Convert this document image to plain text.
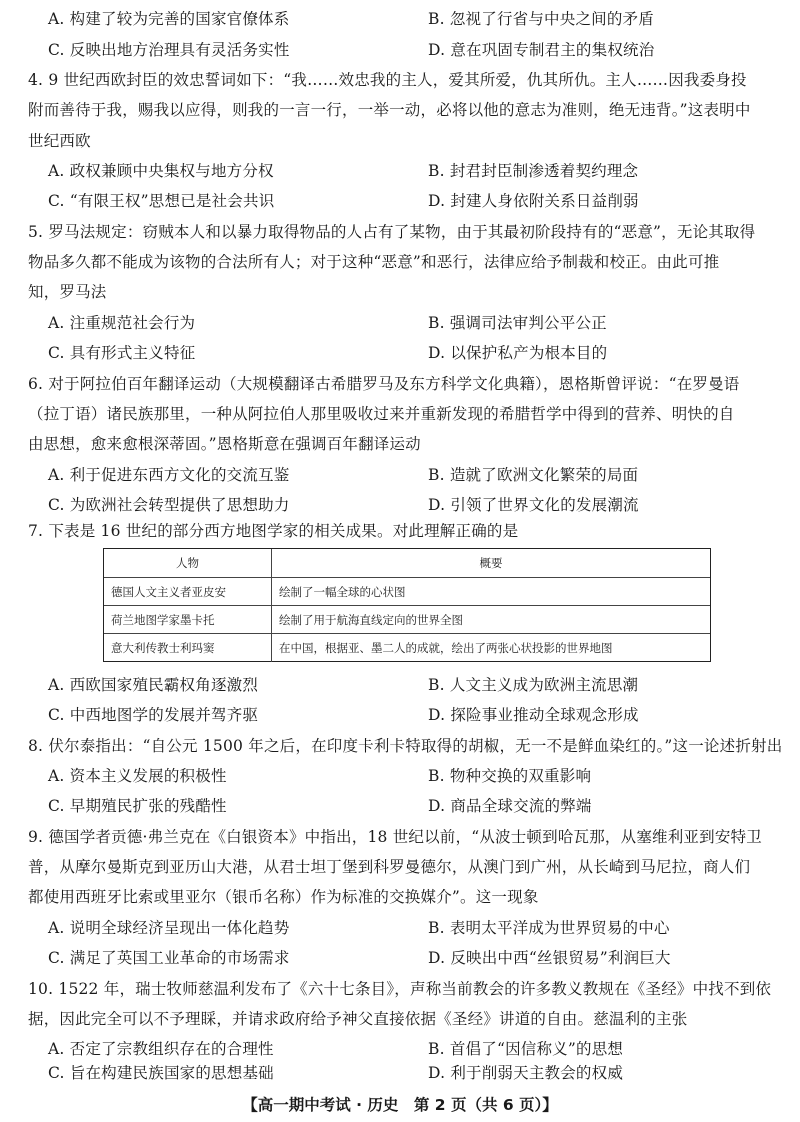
A. 构建了较为完善的国家官僚体系	B. 忽视了行省与中央之间的矛盾
C. 反映出地方治理具有灵活务实性	D. 意在巩固专制君主的集权统治
4. 9 世纪西欧封臣的效忠誓词如下：“我……效忠我的主人，爱其所爱，仇其所仇。主人……因我委身投
附而善待于我，赐我以应得，则我的一言一行，一举一动，必将以他的意志为准则，绝无违背。”这表明中
世纪西欧
A. 政权兼顾中央集权与地方分权	B. 封君封臣制渗透着契约理念
C. “有限王权”思想已是社会共识	D. 封建人身依附关系日益削弱
5. 罗马法规定：窃贼本人和以暴力取得物品的人占有了某物，由于其最初阶段持有的“恶意”，无论其取得
物品多久都不能成为该物的合法所有人；对于这种“恶意”和恶行，法律应给予制裁和校正。由此可推
知，罗马法
A. 注重规范社会行为	B. 强调司法审判公平公正
C. 具有形式主义特征	D. 以保护私产为根本目的
6. 对于阿拉伯百年翻译运动（大规模翻译古希腊罗马及东方科学文化典籍），恩格斯曾评说：“在罗曼语
（拉丁语）诸民族那里，一种从阿拉伯人那里吸收过来并重新发现的希腊哲学中得到的营养、明快的自
由思想，愈来愈根深蒂固。”恩格斯意在强调百年翻译运动
A. 利于促进东西方文化的交流互鉴	B. 造就了欧洲文化繁荣的局面
C. 为欧洲社会转型提供了思想助力	D. 引领了世界文化的发展潮流
7. 下表是 16 世纪的部分西方地图学家的相关成果。对此理解正确的是
人物	概要
德国人文主义者亚皮安	绘制了一幅全球的心状图
荷兰地图学家墨卡托	绘制了用于航海直线定向的世界全图
意大利传教士利玛窦	在中国，根据亚、墨二人的成就，绘出了两张心状投影的世界地图
A. 西欧国家殖民霸权角逐激烈	B. 人文主义成为欧洲主流思潮
C. 中西地图学的发展并驾齐驱	D. 探险事业推动全球观念形成
8. 伏尔泰指出：“自公元 1500 年之后，在印度卡利卡特取得的胡椒，无一不是鲜血染红的。”这一论述折射出
A. 资本主义发展的积极性	B. 物种交换的双重影响
C. 早期殖民扩张的残酷性	D. 商品全球交流的弊端
9. 德国学者贡德·弗兰克在《白银资本》中指出，18 世纪以前，“从波士顿到哈瓦那，从塞维利亚到安特卫
普，从摩尔曼斯克到亚历山大港，从君士坦丁堡到科罗曼德尔，从澳门到广州，从长崎到马尼拉，商人们
都使用西班牙比索或里亚尔（银币名称）作为标准的交换媒介”。这一现象
A. 说明全球经济呈现出一体化趋势	B. 表明太平洋成为世界贸易的中心
C. 满足了英国工业革命的市场需求	D. 反映出中西“丝银贸易”利润巨大
10. 1522 年，瑞士牧师慈温利发布了《六十七条目》，声称当前教会的许多教义教规在《圣经》中找不到依
据，因此完全可以不予理睬，并请求政府给予神父直接依据《圣经》讲道的自由。慈温利的主张
A. 否定了宗教组织存在的合理性	B. 首倡了“因信称义”的思想
C. 旨在构建民族国家的思想基础	D. 利于削弱天主教会的权威
【高一期中考试 · 历史　第 2 页（共 6 页）】
